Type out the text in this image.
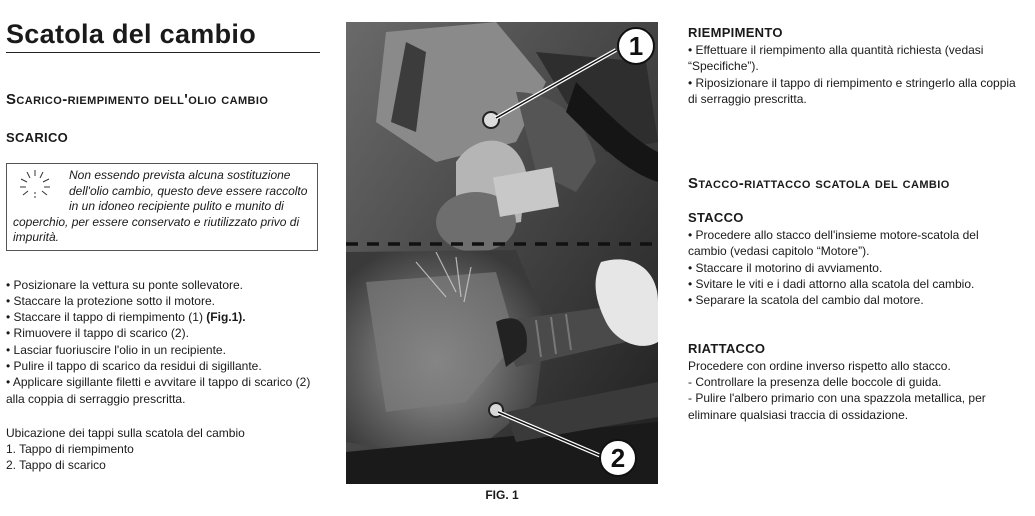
Scatola del cambio
Scarico-riempimento dell'olio cambio
SCARICO
Non essendo prevista alcuna sostituzione dell'olio cambio, questo deve essere raccolto in un idoneo recipiente pulito e munito di coperchio, per essere conservato e riutilizzato privo di impurità.

• Posizionare la vettura su ponte sollevatore.

• Staccare la protezione sotto il motore.

• Staccare il tappo di riempimento (1) (Fig.1).

• Rimuovere il tappo di scarico (2).

• Lasciar fuoriuscire l'olio in un recipiente.

• Pulire il tappo di scarico da residui di sigillante.

• Applicare sigillante filetti e avvitare il tappo di scarico (2) alla coppia di serraggio prescritta.

Ubicazione dei tappi sulla scatola del cambio

1. Tappo di riempimento

2. Tappo di scarico

1
2
FIG. 1
RIEMPIMENTO

• Effettuare il riempimento alla quantità richiesta (vedasi “Specifiche”).

• Riposizionare il tappo di riempimento e stringerlo alla coppia di serraggio prescritta.

Stacco-riattacco scatola del cambio
STACCO

• Procedere allo stacco dell'insieme motore-scatola del cambio (vedasi capitolo “Motore”).

• Staccare il motorino di avviamento.

• Svitare le viti e i dadi attorno alla scatola del cambio.

• Separare la scatola del cambio dal motore.

RIATTACCO

Procedere con ordine inverso rispetto allo stacco.

- Controllare la presenza delle boccole di guida.

- Pulire l'albero primario con una spazzola metallica, per eliminare qualsiasi traccia di ossidazione.
